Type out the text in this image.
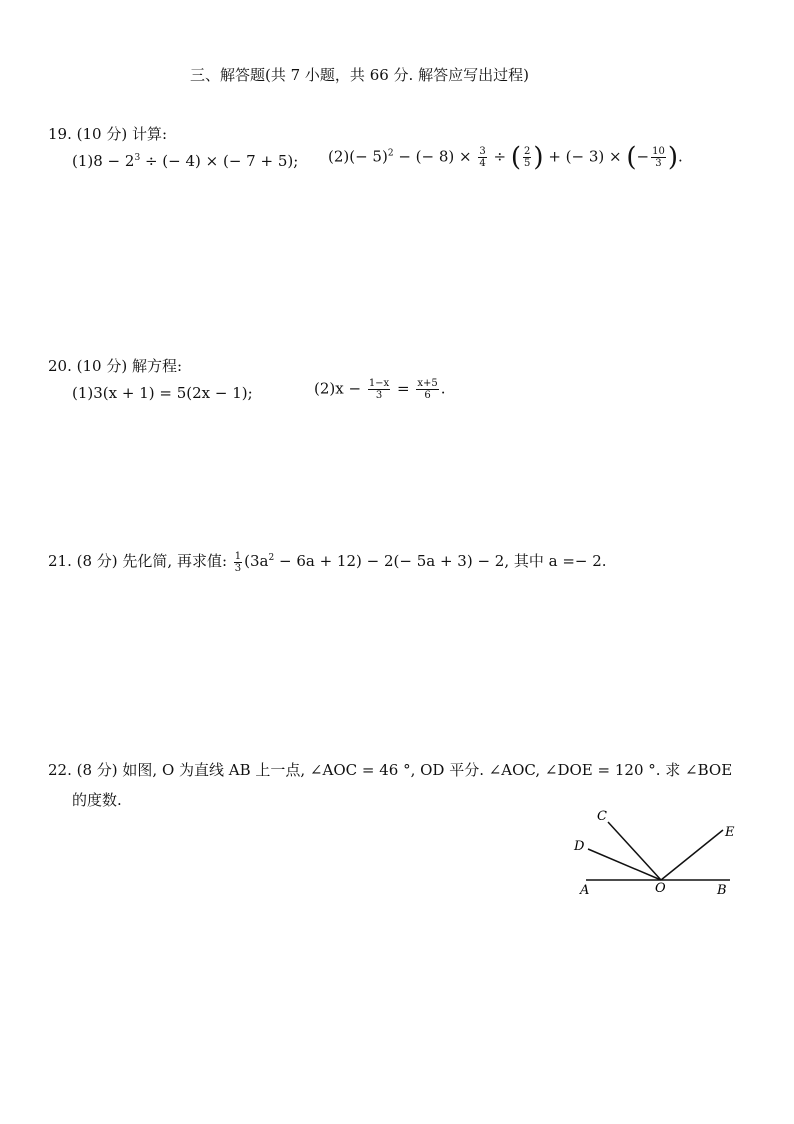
三、解答题(共 7 小题，共 66 分. 解答应写出过程)
19. (10 分) 计算:
$(1)8 - 2^3$ ÷ (− 4) × (− 7 + 5); $(2)(- 5)^2$ − (− $8) \times \frac{3}{4}$ ÷ ( $\frac{2}{5}$ ) + (− 3) × (− $\frac{10}{3}$ ).
20. (10 分) 解方程:
(1)3(x + 1) = 5(2x − 1);	$(2)x - \frac{1-x}{3} = \frac{x+5}{6}$ .
21. (8 分) 先化简, 再求值: $\frac{1}{3} (3a^2 - 6a + 12) - 2(- 5a + 3) - 2$, 其中 a =− 2.
22. (8 分) 如图, O 为直线 AB 上一点, ∠AOC = 46 °, OD 平分. ∠AOC, ∠DOE = 120 °. 求 ∠BOE
的度数.
A	B
O
C
D
E
